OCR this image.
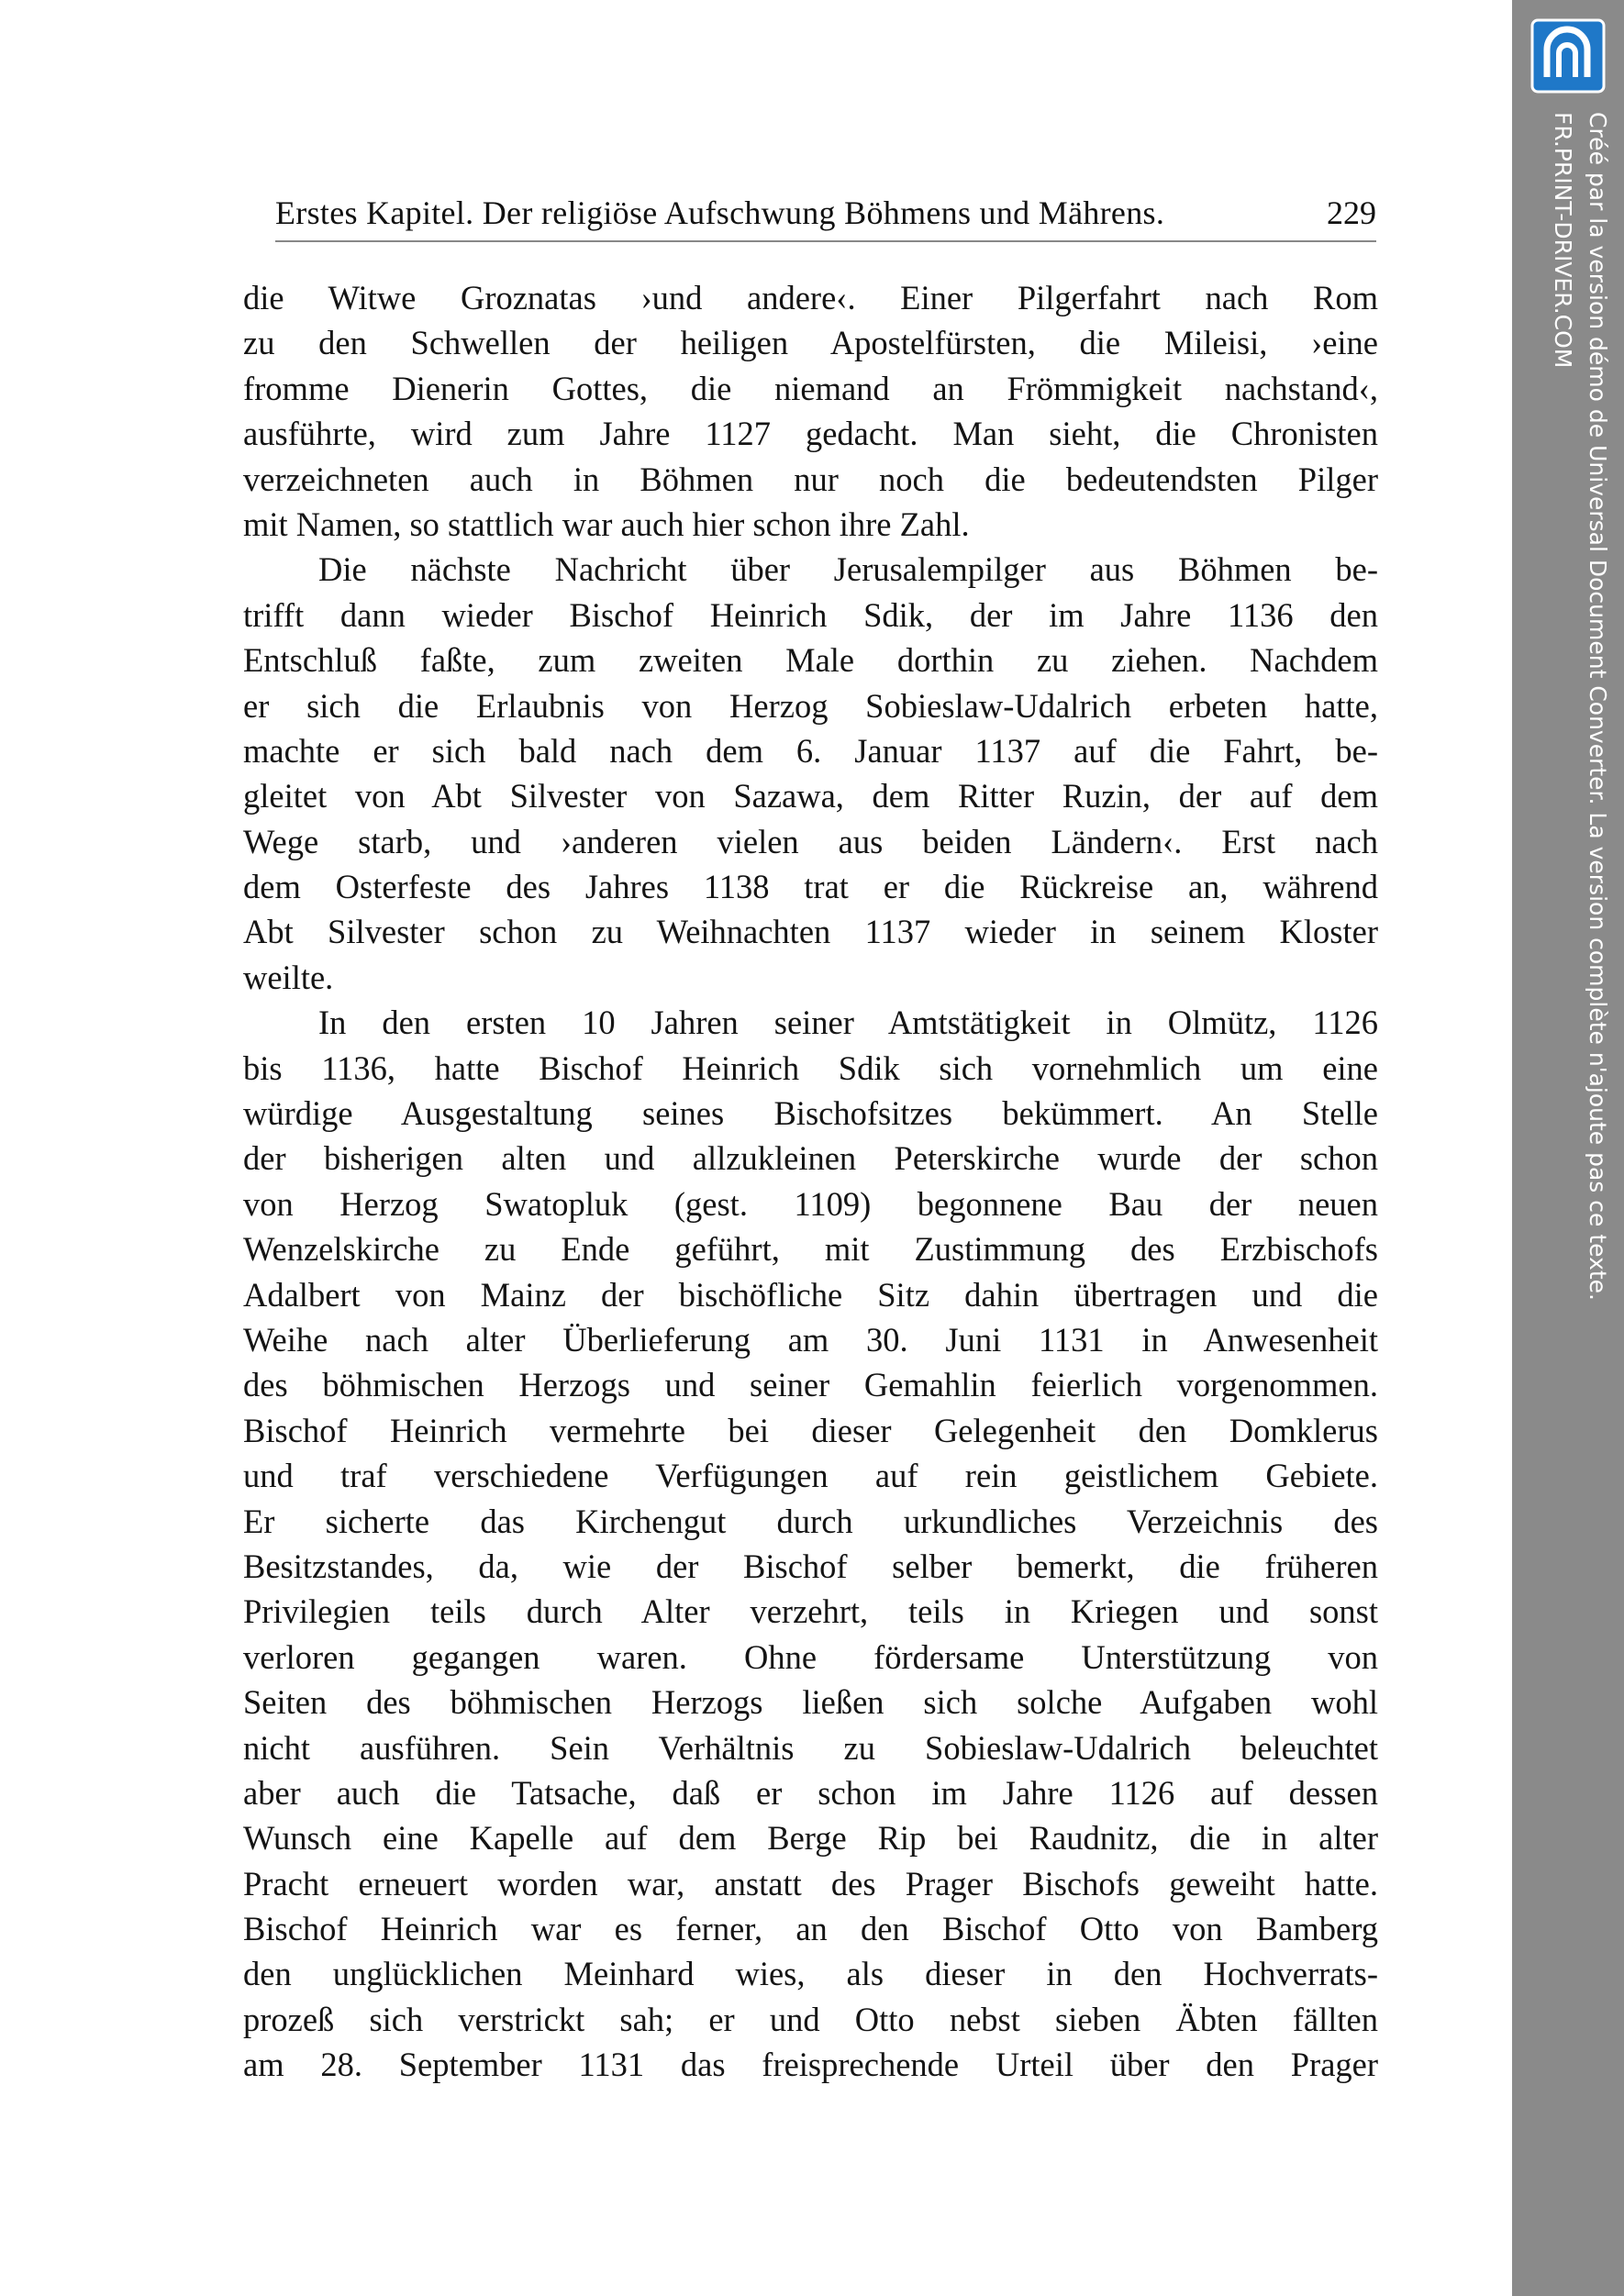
Erstes Kapitel. Der religiöse Aufschwung Böhmens und Mährens.	229
die Witwe Groznatas ›und andere‹. Einer Pilgerfahrt nach Rom
zu den Schwellen der heiligen Apostelfürsten, die Mileisi, ›eine
fromme Dienerin Gottes, die niemand an Frömmigkeit nachstand‹,
ausführte, wird zum Jahre 1127 gedacht. Man sieht, die Chronisten
verzeichneten auch in Böhmen nur noch die bedeutendsten Pilger
mit Namen, so stattlich war auch hier schon ihre Zahl.
Die nächste Nachricht über Jerusalempilger aus Böhmen be-
trifft dann wieder Bischof Heinrich Sdik, der im Jahre 1136 den
Entschluß faßte, zum zweiten Male dorthin zu ziehen. Nachdem
er sich die Erlaubnis von Herzog Sobieslaw-Udalrich erbeten hatte,
machte er sich bald nach dem 6. Januar 1137 auf die Fahrt, be-
gleitet von Abt Silvester von Sazawa, dem Ritter Ruzin, der auf dem
Wege starb, und ›anderen vielen aus beiden Ländern‹. Erst nach
dem Osterfeste des Jahres 1138 trat er die Rückreise an, während
Abt Silvester schon zu Weihnachten 1137 wieder in seinem Kloster
weilte.
In den ersten 10 Jahren seiner Amtstätigkeit in Olmütz, 1126
bis 1136, hatte Bischof Heinrich Sdik sich vornehmlich um eine
würdige Ausgestaltung seines Bischofsitzes bekümmert. An Stelle
der bisherigen alten und allzukleinen Peterskirche wurde der schon
von Herzog Swatopluk (gest. 1109) begonnene Bau der neuen
Wenzelskirche zu Ende geführt, mit Zustimmung des Erzbischofs
Adalbert von Mainz der bischöfliche Sitz dahin übertragen und die
Weihe nach alter Überlieferung am 30. Juni 1131 in Anwesenheit
des böhmischen Herzogs und seiner Gemahlin feierlich vorgenommen.
Bischof Heinrich vermehrte bei dieser Gelegenheit den Domklerus
und traf verschiedene Verfügungen auf rein geistlichem Gebiete.
Er sicherte das Kirchengut durch urkundliches Verzeichnis des
Besitzstandes, da, wie der Bischof selber bemerkt, die früheren
Privilegien teils durch Alter verzehrt, teils in Kriegen und sonst
verloren gegangen waren. Ohne fördersame Unterstützung von
Seiten des böhmischen Herzogs ließen sich solche Aufgaben wohl
nicht ausführen. Sein Verhältnis zu Sobieslaw-Udalrich beleuchtet
aber auch die Tatsache, daß er schon im Jahre 1126 auf dessen
Wunsch eine Kapelle auf dem Berge Rip bei Raudnitz, die in alter
Pracht erneuert worden war, anstatt des Prager Bischofs geweiht hatte.
Bischof Heinrich war es ferner, an den Bischof Otto von Bamberg
den unglücklichen Meinhard wies, als dieser in den Hochverrats-
prozeß sich verstrickt sah; er und Otto nebst sieben Äbten fällten
am 28. September 1131 das freisprechende Urteil über den Prager
Créé par la version démo de Universal Document Converter. La version complète n'ajoute pas ce texte.
FR.PRINT-DRIVER.COM
